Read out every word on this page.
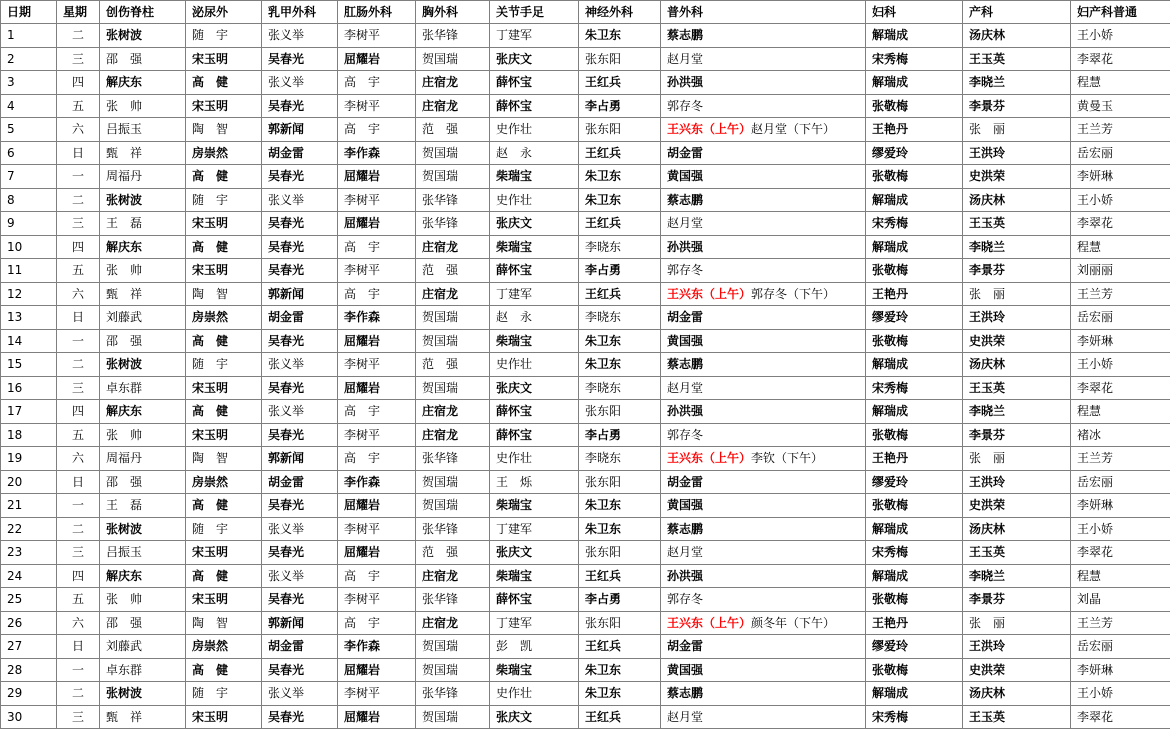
日期	星期	创伤脊柱	泌尿外	乳甲外科	肛肠外科	胸外科	关节手足	神经外科	普外科	妇科	产科	妇产科普通
1	二	张树波	随　宇	张义举	李树平	张华锋	丁建军	朱卫东	蔡志鹏	解瑞成	汤庆林	王小娇
2	三	邵　强	宋玉明	吴春光	屈耀岩	贺国瑞	张庆文	张东阳	赵月堂	宋秀梅	王玉英	李翠花
3	四	解庆东	高　健	张义举	高　宇	庄宿龙	薛怀宝	王红兵	孙洪强	解瑞成	李晓兰	程慧
4	五	张　帅	宋玉明	吴春光	李树平	庄宿龙	薛怀宝	李占勇	郭存冬	张敬梅	李景芬	黄曼玉
5	六	吕振玉	陶　智	郭新闻	高　宇	范　强	史作壮	张东阳	王兴东（上午）赵月堂（下午）	王艳丹	张　丽	王兰芳
6	日	甄　祥	房崇然	胡金雷	李作森	贺国瑞	赵　永	王红兵	胡金雷	缪爱玲	王洪玲	岳宏丽
7	一	周福丹	高　健	吴春光	屈耀岩	贺国瑞	柴瑞宝	朱卫东	黄国强	张敬梅	史洪荣	李妍琳
8	二	张树波	随　宇	张义举	李树平	张华锋	史作壮	朱卫东	蔡志鹏	解瑞成	汤庆林	王小娇
9	三	王　磊	宋玉明	吴春光	屈耀岩	张华锋	张庆文	王红兵	赵月堂	宋秀梅	王玉英	李翠花
10	四	解庆东	高　健	吴春光	高　宇	庄宿龙	柴瑞宝	李晓东	孙洪强	解瑞成	李晓兰	程慧
11	五	张　帅	宋玉明	吴春光	李树平	范　强	薛怀宝	李占勇	郭存冬	张敬梅	李景芬	刘丽丽
12	六	甄　祥	陶　智	郭新闻	高　宇	庄宿龙	丁建军	王红兵	王兴东（上午）郭存冬（下午）	王艳丹	张　丽	王兰芳
13	日	刘藤武	房崇然	胡金雷	李作森	贺国瑞	赵　永	李晓东	胡金雷	缪爱玲	王洪玲	岳宏丽
14	一	邵　强	高　健	吴春光	屈耀岩	贺国瑞	柴瑞宝	朱卫东	黄国强	张敬梅	史洪荣	李妍琳
15	二	张树波	随　宇	张义举	李树平	范　强	史作壮	朱卫东	蔡志鹏	解瑞成	汤庆林	王小娇
16	三	卓东群	宋玉明	吴春光	屈耀岩	贺国瑞	张庆文	李晓东	赵月堂	宋秀梅	王玉英	李翠花
17	四	解庆东	高　健	张义举	高　宇	庄宿龙	薛怀宝	张东阳	孙洪强	解瑞成	李晓兰	程慧
18	五	张　帅	宋玉明	吴春光	李树平	庄宿龙	薛怀宝	李占勇	郭存冬	张敬梅	李景芬	褚冰
19	六	周福丹	陶　智	郭新闻	高　宇	张华锋	史作壮	李晓东	王兴东（上午）李钦（下午）	王艳丹	张　丽	王兰芳
20	日	邵　强	房崇然	胡金雷	李作森	贺国瑞	王　烁	张东阳	胡金雷	缪爱玲	王洪玲	岳宏丽
21	一	王　磊	高　健	吴春光	屈耀岩	贺国瑞	柴瑞宝	朱卫东	黄国强	张敬梅	史洪荣	李妍琳
22	二	张树波	随　宇	张义举	李树平	张华锋	丁建军	朱卫东	蔡志鹏	解瑞成	汤庆林	王小娇
23	三	吕振玉	宋玉明	吴春光	屈耀岩	范　强	张庆文	张东阳	赵月堂	宋秀梅	王玉英	李翠花
24	四	解庆东	高　健	张义举	高　宇	庄宿龙	柴瑞宝	王红兵	孙洪强	解瑞成	李晓兰	程慧
25	五	张　帅	宋玉明	吴春光	李树平	张华锋	薛怀宝	李占勇	郭存冬	张敬梅	李景芬	刘晶
26	六	邵　强	陶　智	郭新闻	高　宇	庄宿龙	丁建军	张东阳	王兴东（上午）颜冬年（下午）	王艳丹	张　丽	王兰芳
27	日	刘藤武	房崇然	胡金雷	李作森	贺国瑞	彭　凯	王红兵	胡金雷	缪爱玲	王洪玲	岳宏丽
28	一	卓东群	高　健	吴春光	屈耀岩	贺国瑞	柴瑞宝	朱卫东	黄国强	张敬梅	史洪荣	李妍琳
29	二	张树波	随　宇	张义举	李树平	张华锋	史作壮	朱卫东	蔡志鹏	解瑞成	汤庆林	王小娇
30	三	甄　祥	宋玉明	吴春光	屈耀岩	贺国瑞	张庆文	王红兵	赵月堂	宋秀梅	王玉英	李翠花
